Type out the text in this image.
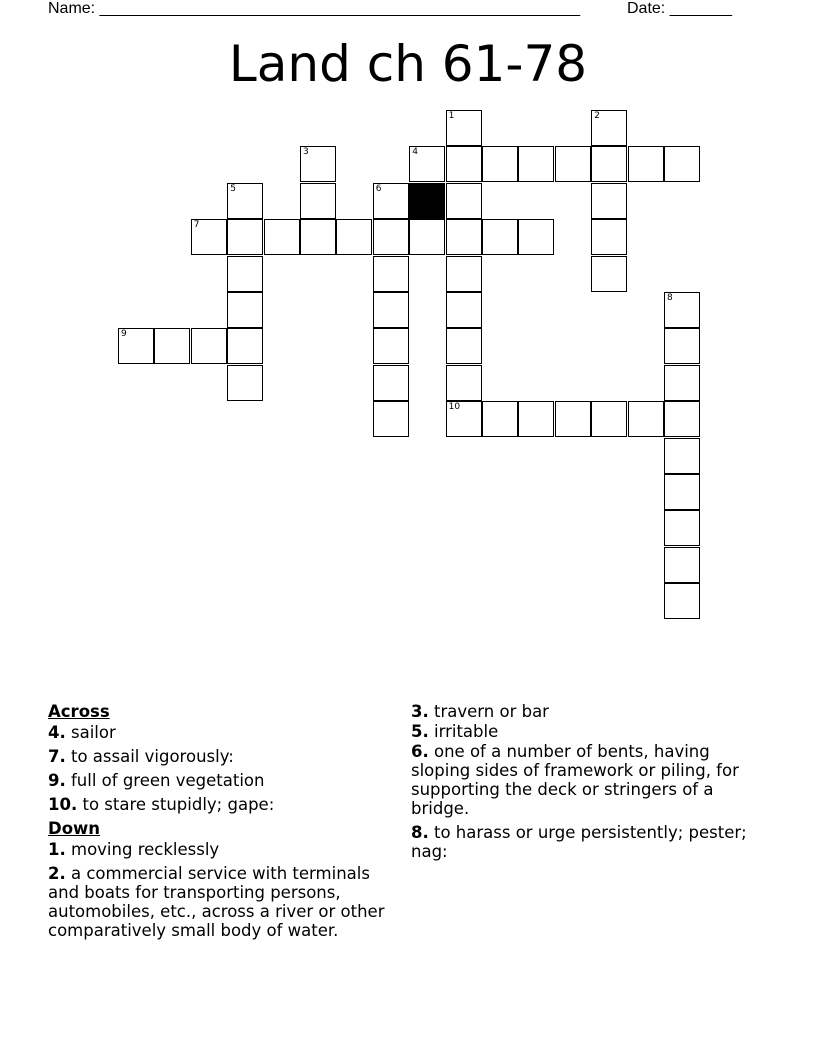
Name: ______________________________________________________	Date: _______
Land ch 61-78
1	2
3	4
5	6
7
8
9
10
Across
4. sailor
7. to assail vigorously:
9. full of green vegetation
10. to stare stupidly; gape:
Down
1. moving recklessly
2. a commercial service with terminals and boats for transporting persons, automobiles, etc., across a river or other comparatively small body of water.
3. travern or bar
5. irritable
6. one of a number of bents, having sloping sides of framework or piling, for supporting the deck or stringers of a bridge.
8. to harass or urge persistently; pester; nag:
